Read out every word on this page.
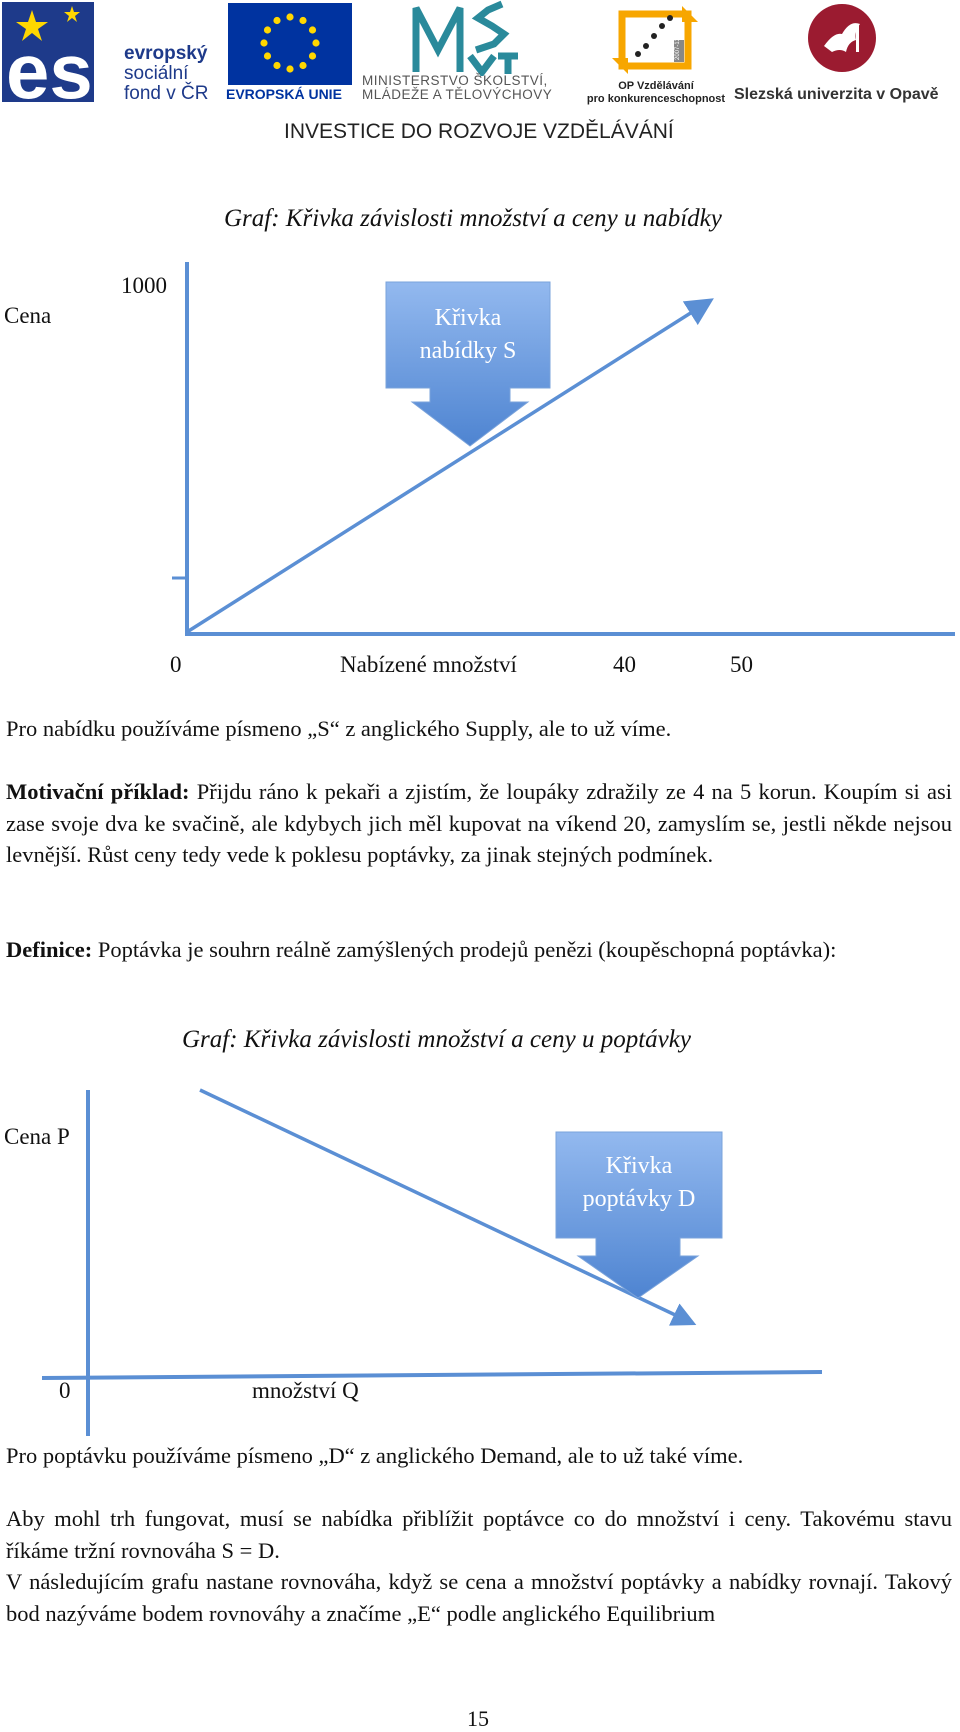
esf evropský
sociální
fond v ČR EVROPSKÁ UNIE
MINISTERSTVO ŠKOLSTVÍ,
MLÁDEŽE A TĚLOVÝCHOVY
2007-13
OP Vzdělávání
pro konkurenceschopnost Slezská univerzita v Opavě
INVESTICE DO ROZVOJE VZDĚLÁVÁNÍ
Graf: Křivka závislosti množství a ceny u nabídky
Cena
1000
Křivka
nabídky S
0	Nabízené množství	40	50
Pro nabídku používáme písmeno „S“ z anglického Supply, ale to už víme.
Motivační příklad: Přijdu ráno k pekaři a zjistím, že loupáky zdražily ze 4 na 5 korun. Koupím si asi zase svoje dva ke svačině, ale kdybych jich měl kupovat na víkend 20, zamyslím se, jestli někde nejsou levnější. Růst ceny tedy vede k poklesu poptávky, za jinak stejných podmínek.
Definice: Poptávka je souhrn reálně zamýšlených prodejů penězi (koupěschopná poptávka):
Graf: Křivka závislosti množství a ceny u poptávky
Cena P
Křivka
poptávky D
0	množství Q
Pro poptávku používáme písmeno „D“ z anglického Demand, ale to už také víme.
Aby mohl trh fungovat, musí se nabídka přiblížit poptávce co do množství i ceny. Takovému stavu říkáme tržní rovnováha S = D.
V následujícím grafu nastane rovnováha, když se cena a množství poptávky a nabídky rovnají. Takový bod nazýváme bodem rovnováhy a značíme „E“ podle anglického Equilibrium
15
